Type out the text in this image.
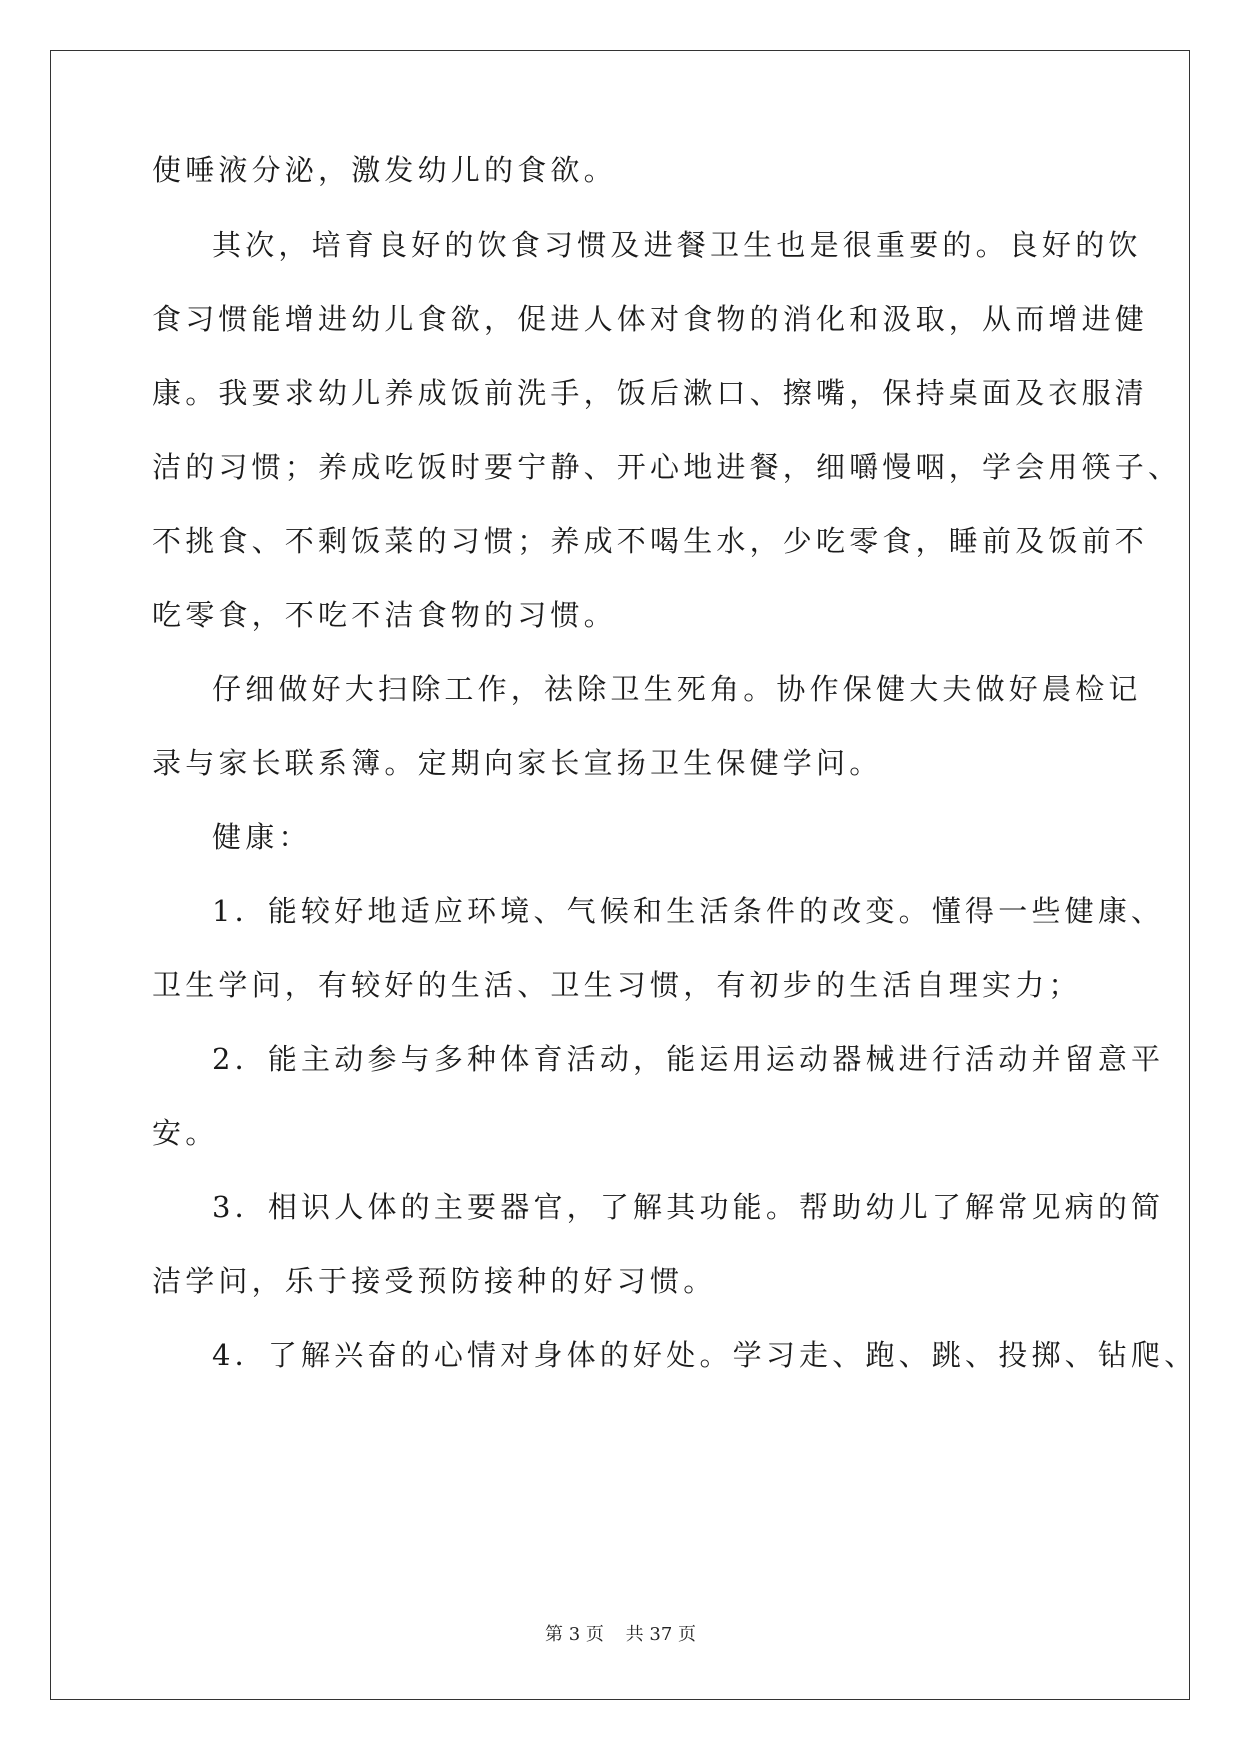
使唾液分泌，激发幼儿的食欲。
其次，培育良好的饮食习惯及进餐卫生也是很重要的。良好的饮
食习惯能增进幼儿食欲，促进人体对食物的消化和汲取，从而增进健
康。我要求幼儿养成饭前洗手，饭后漱口、擦嘴，保持桌面及衣服清
洁的习惯；养成吃饭时要宁静、开心地进餐，细嚼慢咽，学会用筷子、
不挑食、不剩饭菜的习惯；养成不喝生水，少吃零食，睡前及饭前不
吃零食，不吃不洁食物的习惯。
仔细做好大扫除工作，祛除卫生死角。协作保健大夫做好晨检记
录与家长联系簿。定期向家长宣扬卫生保健学问。
健康：
1．能较好地适应环境、气候和生活条件的改变。懂得一些健康、
卫生学问，有较好的生活、卫生习惯，有初步的生活自理实力；
2．能主动参与多种体育活动，能运用运动器械进行活动并留意平
安。
3．相识人体的主要器官，了解其功能。帮助幼儿了解常见病的简
洁学问，乐于接受预防接种的好习惯。
4．了解兴奋的心情对身体的好处。学习走、跑、跳、投掷、钻爬、
第 3 页 共 37 页
